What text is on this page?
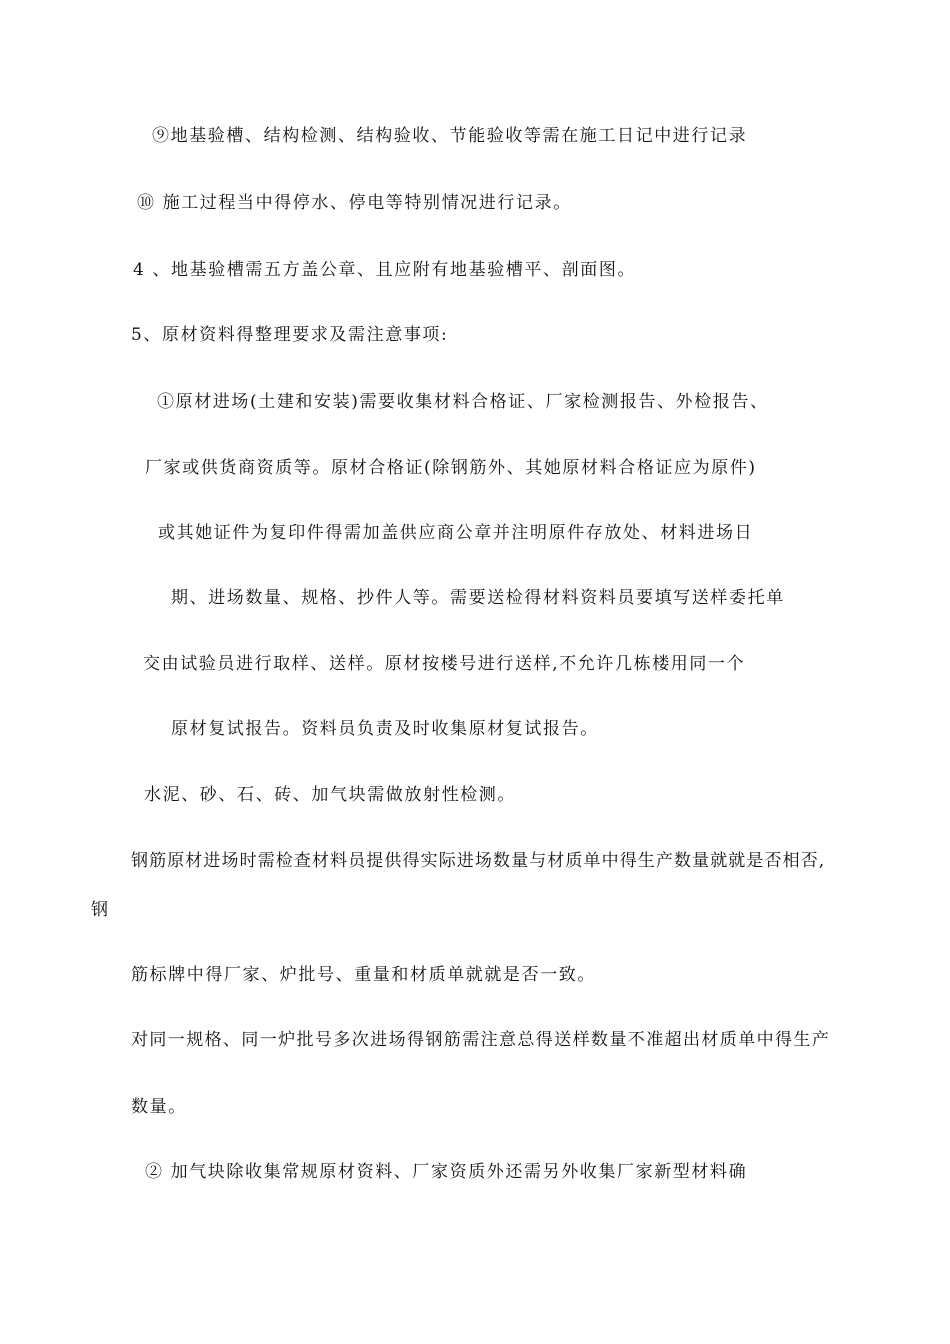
⑨地基验槽、结构检测、结构验收、节能验收等需在施工日记中进行记录
⑩ 施工过程当中得停水、停电等特别情况进行记录。
4 、地基验槽需五方盖公章、且应附有地基验槽平、剖面图。
5、原材资料得整理要求及需注意事项:
①原材进场(土建和安装)需要收集材料合格证、厂家检测报告、外检报告、
厂家或供货商资质等。原材合格证(除钢筋外、其她原材料合格证应为原件)
或其她证件为复印件得需加盖供应商公章并注明原件存放处、材料进场日
期、进场数量、规格、抄件人等。需要送检得材料资料员要填写送样委托单
交由试验员进行取样、送样。原材按楼号进行送样,不允许几栋楼用同一个
原材复试报告。资料员负责及时收集原材复试报告。
水泥、砂、石、砖、加气块需做放射性检测。
钢筋原材进场时需检查材料员提供得实际进场数量与材质单中得生产数量就就是否相否,
钢
筋标牌中得厂家、炉批号、重量和材质单就就是否一致。
对同一规格、同一炉批号多次进场得钢筋需注意总得送样数量不准超出材质单中得生产
数量。
② 加气块除收集常规原材资料、厂家资质外还需另外收集厂家新型材料确
